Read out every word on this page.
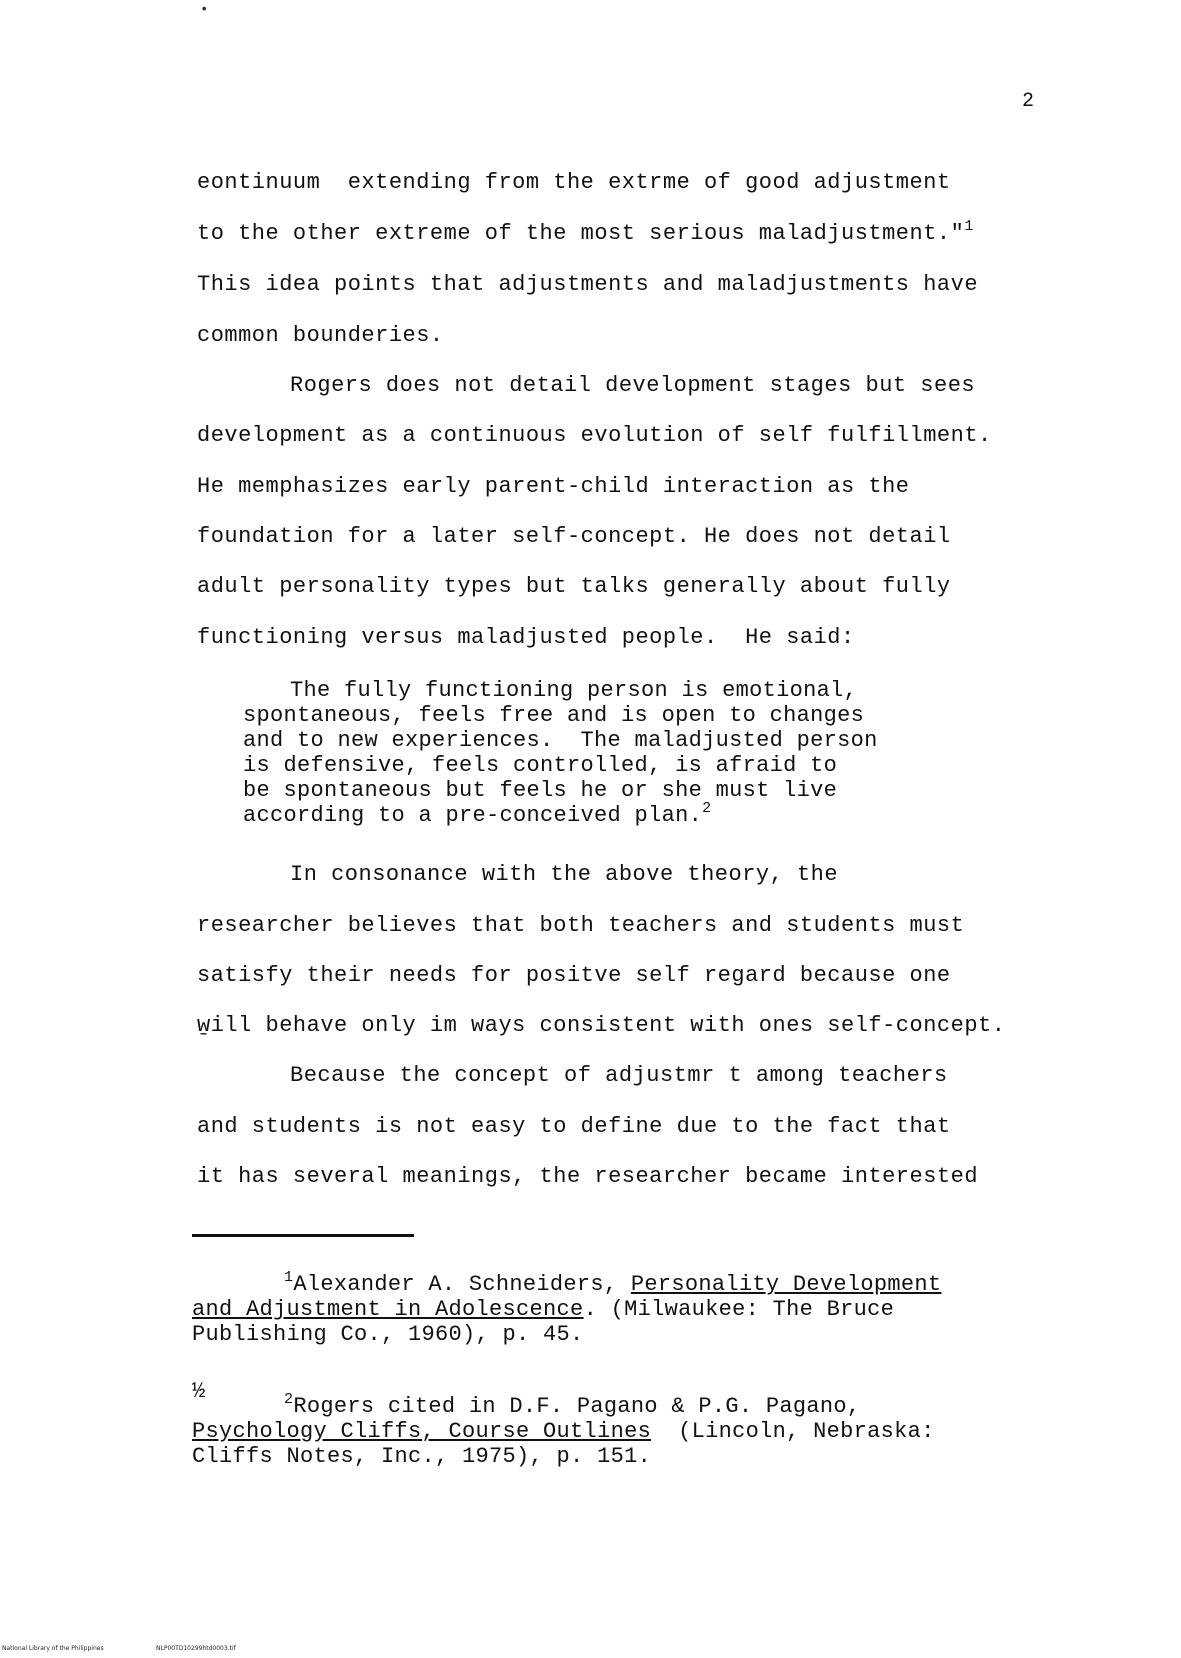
2
eontinuum  extending from the extrme of good adjustment
to the other extreme of the most serious maladjustment."$^1$
This idea points that adjustments and maladjustments have
common bounderies.
Rogers does not detail development stages but sees
development as a continuous evolution of self fulfillment.
He memphasizes early parent-child interaction as the
foundation for a later self-concept. He does not detail
adult personality types but talks generally about fully
functioning versus maladjusted people.  He said:
The fully functioning person is emotional,
spontaneous, feels free and is open to changes
and to new experiences.  The maladjusted person
is defensive, feels controlled, is afraid to
be spontaneous but feels he or she must live
according to a pre-conceived plan.$^2$
In consonance with the above theory, the
researcher believes that both teachers and students must
satisfy their needs for positve self regard because one
w̱ill behave only im ways consistent with ones self-concept.
Because the concept of adjustmr t among teachers
and students is not easy to define due to the fact that
it has several meanings, the researcher became interested
$^1$Alexander A. Schneiders, Personality Development
and Adjustment in Adolescence. (Milwaukee: The Bruce
Publishing Co., 1960), p. 45.
½	$^2$Rogers cited in D.F. Pagano & P.G. Pagano,
Psychology Cliffs, Course Outlines  (Lincoln, Nebraska:
Cliffs Notes, Inc., 1975), p. 151.
•
National Library of the Philippines	NLP00TD10299htd0003.tif
